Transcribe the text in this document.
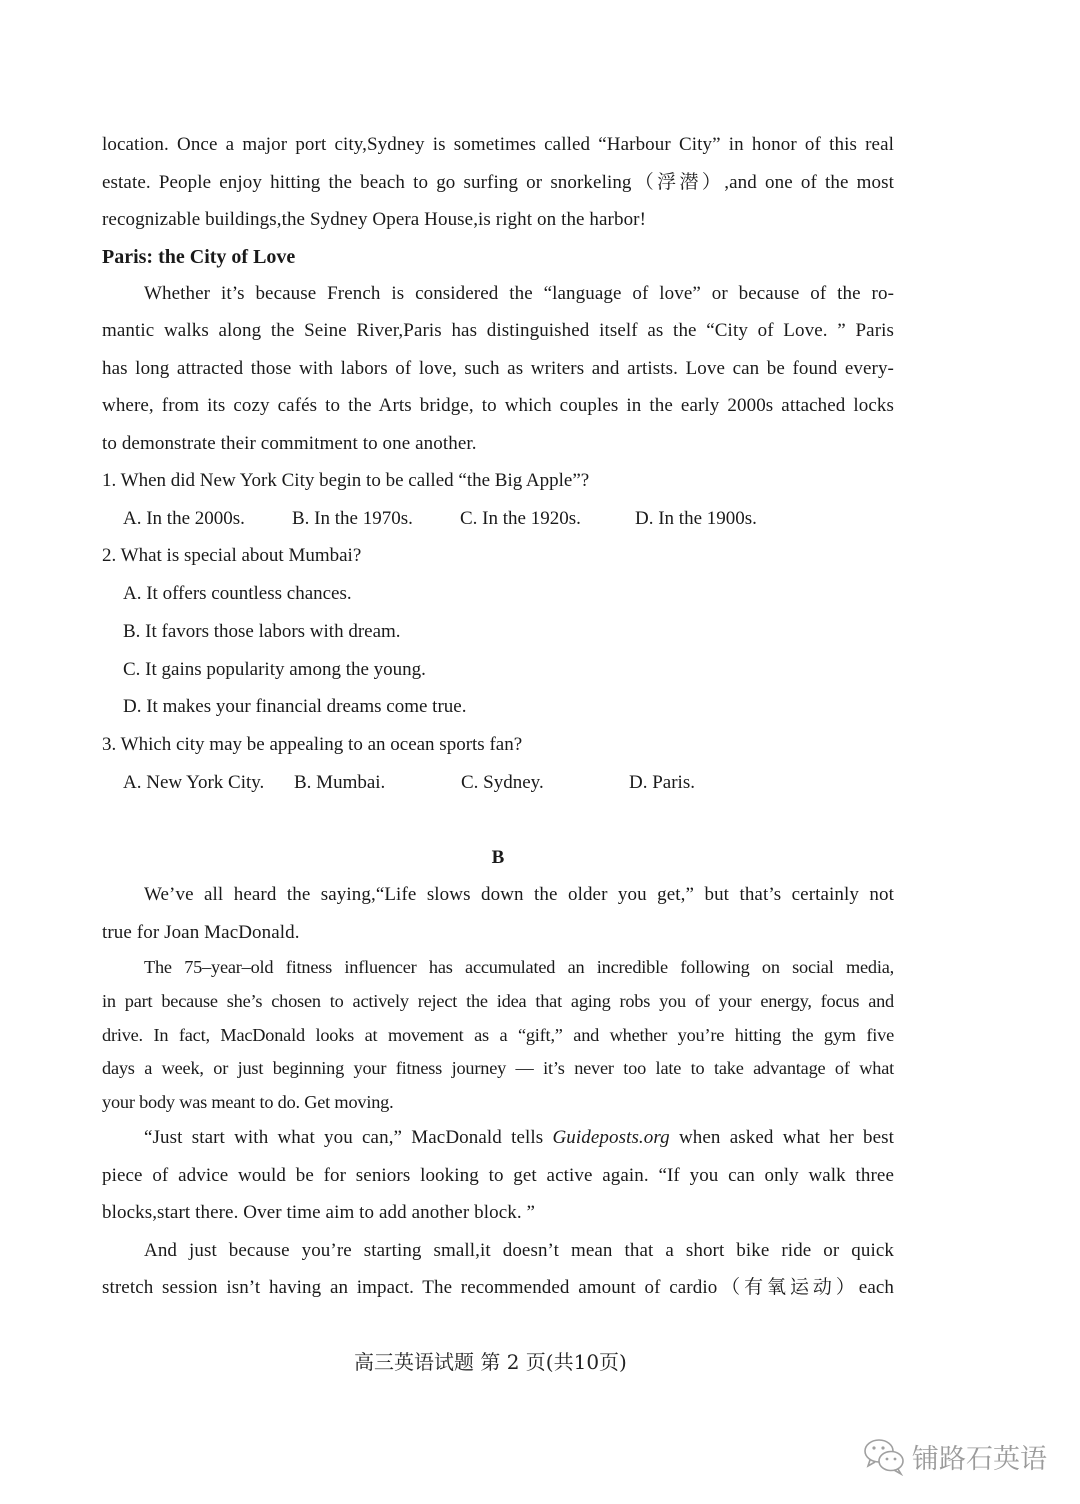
location. Once a major port city,Sydney is sometimes called “Harbour City” in honor of this real
estate. People enjoy hitting the beach to go surfing or snorkeling（浮潜）,and one of the most
recognizable buildings,the Sydney Opera House,is right on the harbor!
Paris: the City of Love
Whether it’s because French is considered the “language of love” or because of the ro-
mantic walks along the Seine River,Paris has distinguished itself as the “City of Love. ” Paris
has long attracted those with labors of love, such as writers and artists. Love can be found every-
where, from its cozy cafés to the Arts bridge, to which couples in the early 2000s attached locks
to demonstrate their commitment to one another.
1. When did New York City begin to be called “the Big Apple”?
A. In the 2000s.	B. In the 1970s.	C. In the 1920s.	D. In the 1900s.
2. What is special about Mumbai?
A. It offers countless chances.
B. It favors those labors with dream.
C. It gains popularity among the young.
D. It makes your financial dreams come true.
3. Which city may be appealing to an ocean sports fan?
A. New York City.	B. Mumbai.	C. Sydney.	D. Paris.
B
We’ve all heard the saying,“Life slows down the older you get,” but that’s certainly not
true for Joan MacDonald.
The 75–year–old fitness influencer has accumulated an incredible following on social media,
in part because she’s chosen to actively reject the idea that aging robs you of your energy, focus and
drive. In fact, MacDonald looks at movement as a “gift,” and whether you’re hitting the gym five
days a week, or just beginning your fitness journey — it’s never too late to take advantage of what
your body was meant to do. Get moving.
“Just start with what you can,” MacDonald tells Guideposts.org when asked what her best
piece of advice would be for seniors looking to get active again. “If you can only walk three
blocks,start there. Over time aim to add another block. ”
And just because you’re starting small,it doesn’t mean that a short bike ride or quick
stretch session isn’t having an impact. The recommended amount of cardio（有氧运动）each
高三英语试题 第 2 页(共10页)
铺路石英语
